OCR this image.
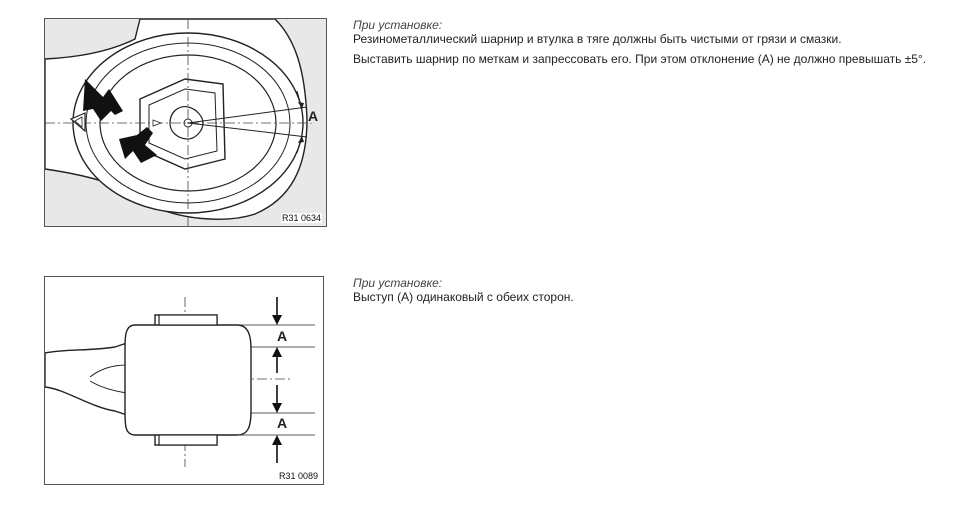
A
R31 0634

При установке:

Резинометаллический шарнир и втулка в тяге должны быть чистыми от грязи и смазки.

Выставить шарнир по меткам и запрессовать его. При этом отклонение (A) не должно превышать ±5°.

A
A
R31 0089

При установке:

Выступ (A) одинаковый с обеих сторон.
